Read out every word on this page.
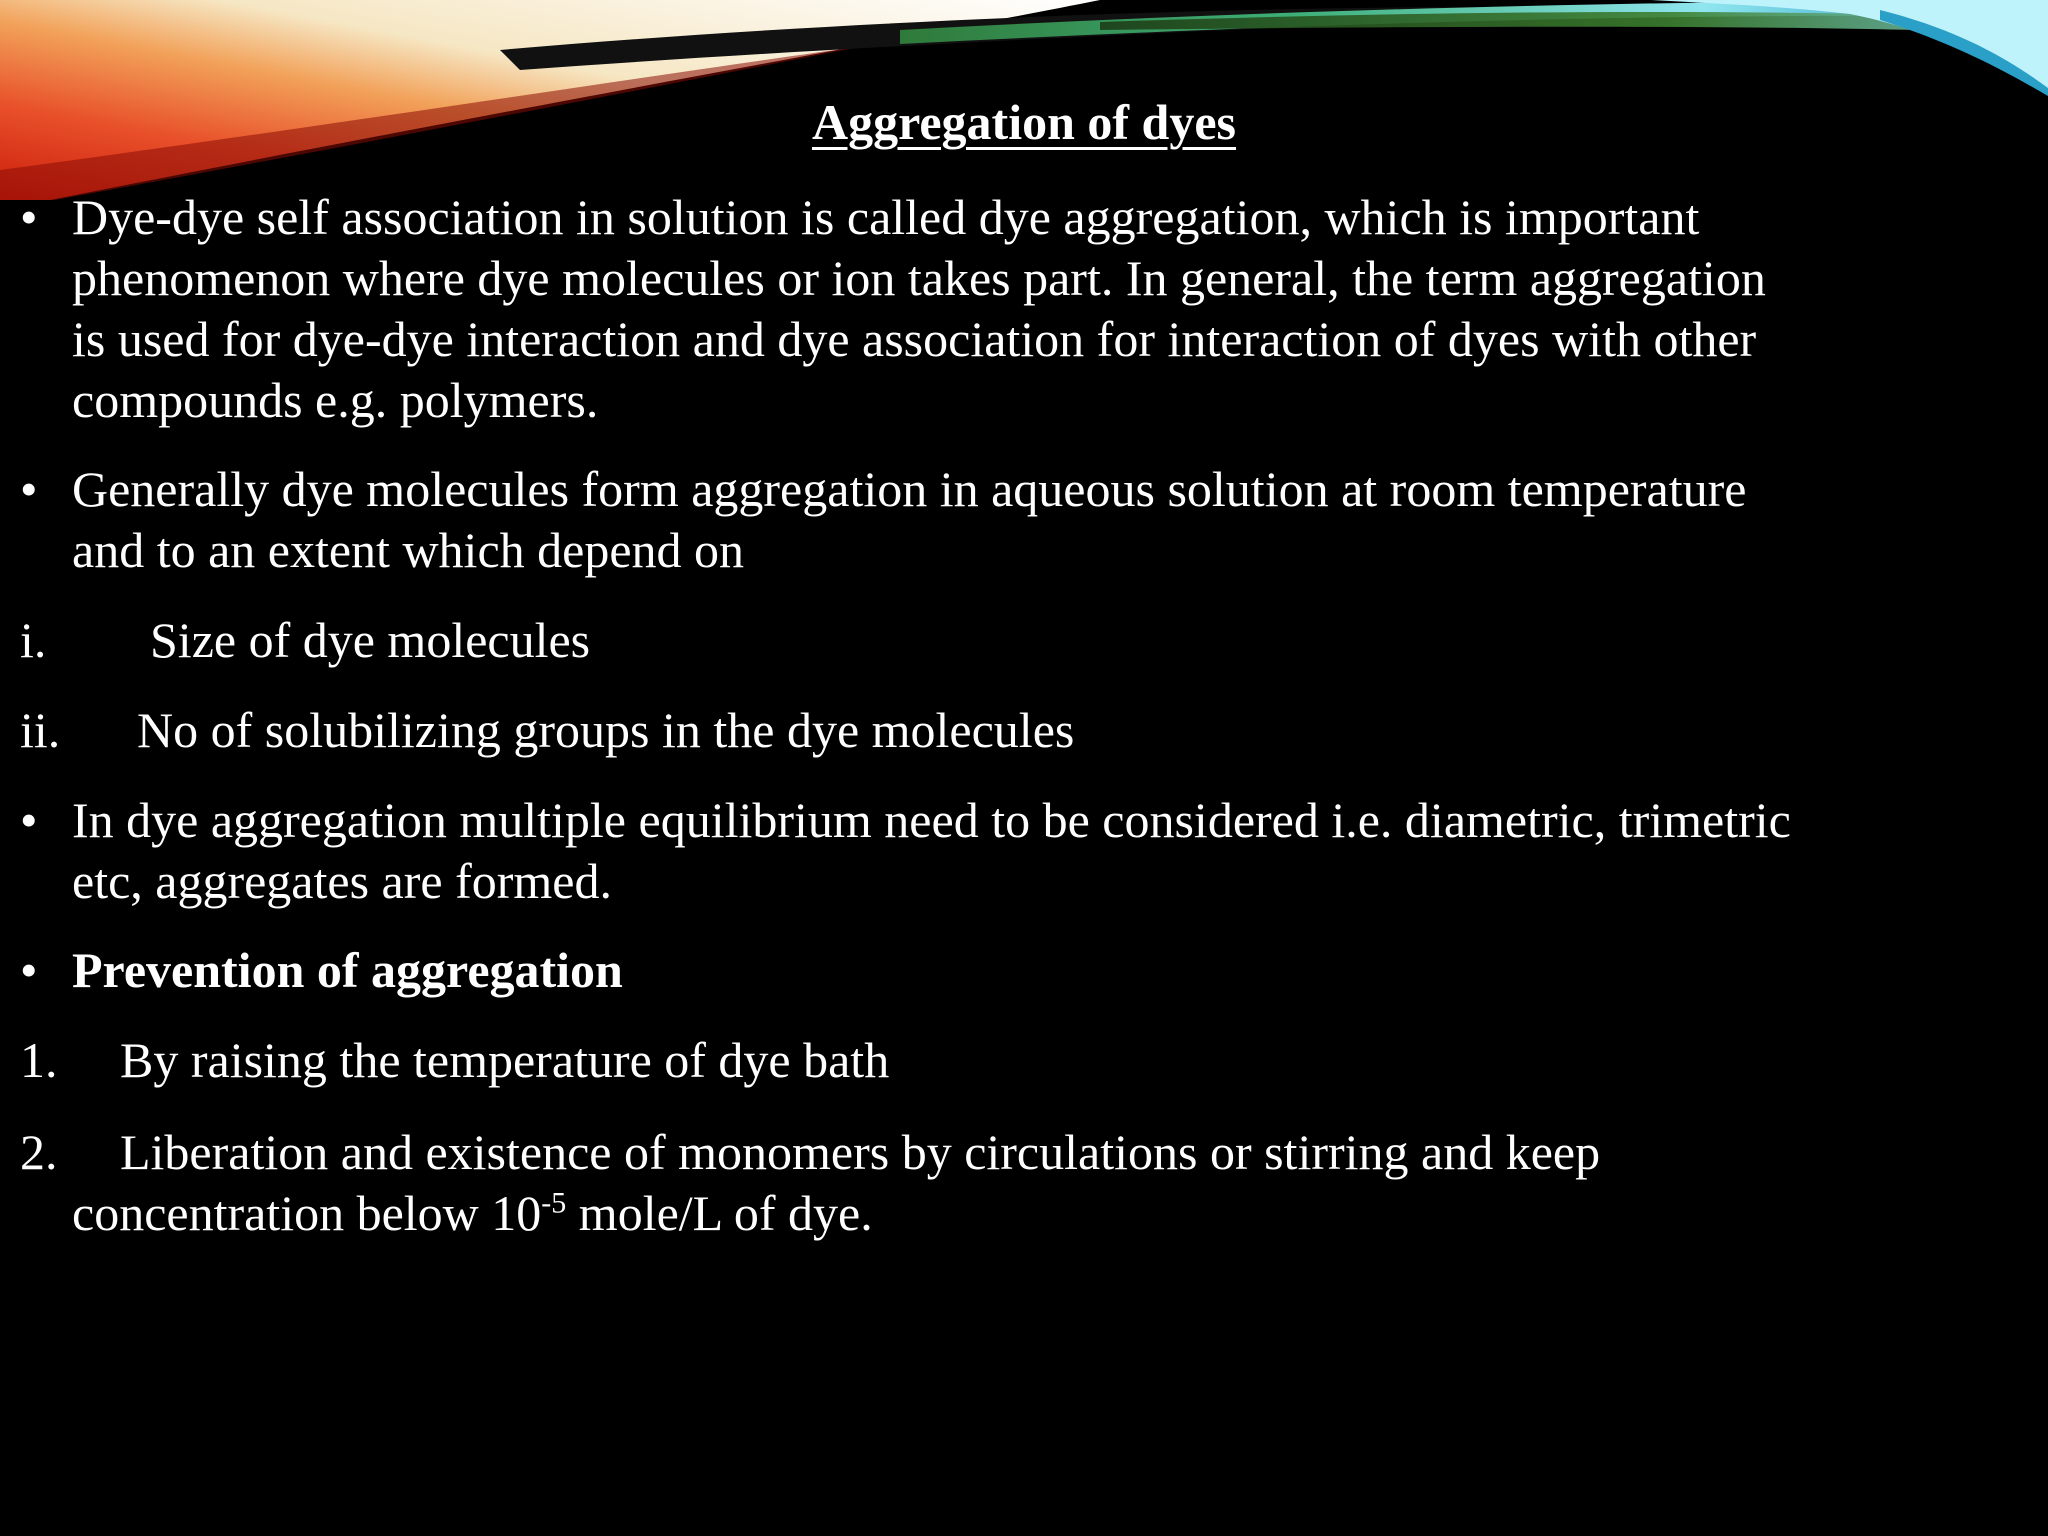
Aggregation of dyes
• Dye-dye self association in solution is called dye aggregation, which is important
phenomenon where dye molecules or ion takes part. In general, the term aggregation
is used for dye-dye interaction and dye association for interaction of dyes with other
compounds e.g. polymers.
• Generally dye molecules form aggregation in aqueous solution at room temperature
and to an extent which depend on
i. Size of dye molecules
ii. No of solubilizing groups in the dye molecules
• In dye aggregation multiple equilibrium need to be considered i.e. diametric, trimetric
etc, aggregates are formed.
• Prevention of aggregation
1. By raising the temperature of dye bath
2. Liberation and existence of monomers by circulations or stirring and keep
concentration below $10^{-5}$ mole/L of dye.
